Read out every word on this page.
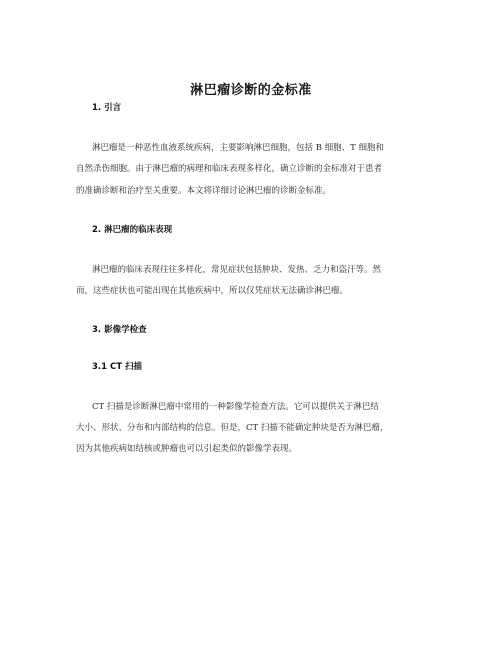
淋巴瘤诊断的金标准
1. 引言
淋巴瘤是一种恶性血液系统疾病，主要影响淋巴细胞，包括 B 细胞、T 细胞和
自然杀伤细胞。由于淋巴瘤的病理和临床表现多样化，确立诊断的金标准对于患者
的准确诊断和治疗至关重要。本文将详细讨论淋巴瘤的诊断金标准。
2. 淋巴瘤的临床表现
淋巴瘤的临床表现往往多样化，常见症状包括肿块、发热、乏力和盗汗等。然
而，这些症状也可能出现在其他疾病中，所以仅凭症状无法确诊淋巴瘤。
3. 影像学检查
3.1 CT 扫描
CT 扫描是诊断淋巴瘤中常用的一种影像学检查方法。它可以提供关于淋巴结
大小、形状、分布和内部结构的信息。但是，CT 扫描不能确定肿块是否为淋巴瘤，
因为其他疾病如结核或肿瘤也可以引起类似的影像学表现。
